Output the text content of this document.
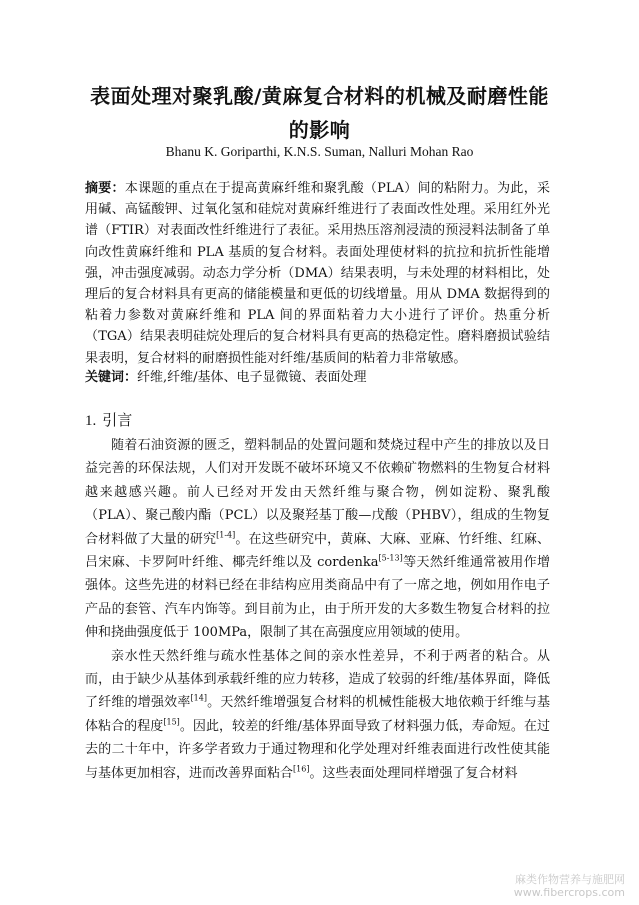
表面处理对聚乳酸/黄麻复合材料的机械及耐磨性能
的影响
Bhanu K. Goriparthi, K.N.S. Suman, Nalluri Mohan Rao
摘要：本课题的重点在于提高黄麻纤维和聚乳酸（PLA）间的粘附力。为此，采用碱、高锰酸钾、过氧化氢和硅烷对黄麻纤维进行了表面改性处理。采用红外光谱（FTIR）对表面改性纤维进行了表征。采用热压溶剂浸渍的预浸料法制备了单向改性黄麻纤维和 PLA 基质的复合材料。表面处理使材料的抗拉和抗折性能增强，冲击强度减弱。动态力学分析（DMA）结果表明，与未处理的材料相比，处理后的复合材料具有更高的储能模量和更低的切线增量。用从 DMA 数据得到的粘着力参数对黄麻纤维和 PLA 间的界面粘着力大小进行了评价。热重分析（TGA）结果表明硅烷处理后的复合材料具有更高的热稳定性。磨料磨损试验结果表明，复合材料的耐磨损性能对纤维/基质间的粘着力非常敏感。
关键词：纤维,纤维/基体、电子显微镜、表面处理
1. 引言

随着石油资源的匮乏，塑料制品的处置问题和焚烧过程中产生的排放以及日益完善的环保法规，人们对开发既不破坏环境又不依赖矿物燃料的生物复合材料越来越感兴趣。前人已经对开发由天然纤维与聚合物，例如淀粉、聚乳酸（PLA）、聚己酸内酯（PCL）以及聚羟基丁酸—戊酸（PHBV），组成的生物复合材料做了大量的研究[1-4]。在这些研究中，黄麻、大麻、亚麻、竹纤维、红麻、吕宋麻、卡罗阿叶纤维、椰壳纤维以及 cordenka[5-13]等天然纤维通常被用作增强体。这些先进的材料已经在非结构应用类商品中有了一席之地，例如用作电子产品的套管、汽车内饰等。到目前为止，由于所开发的大多数生物复合材料的拉伸和挠曲强度低于 100MPa，限制了其在高强度应用领域的使用。

亲水性天然纤维与疏水性基体之间的亲水性差异，不利于两者的粘合。从而，由于缺少从基体到承载纤维的应力转移，造成了较弱的纤维/基体界面，降低了纤维的增强效率[14]。天然纤维增强复合材料的机械性能极大地依赖于纤维与基体粘合的程度[15]。因此，较差的纤维/基体界面导致了材料强力低，寿命短。在过去的二十年中，许多学者致力于通过物理和化学处理对纤维表面进行改性使其能与基体更加相容，进而改善界面粘合[16]。这些表面处理同样增强了复合材料

麻类作物营养与施肥网
www.fibercrops.com
